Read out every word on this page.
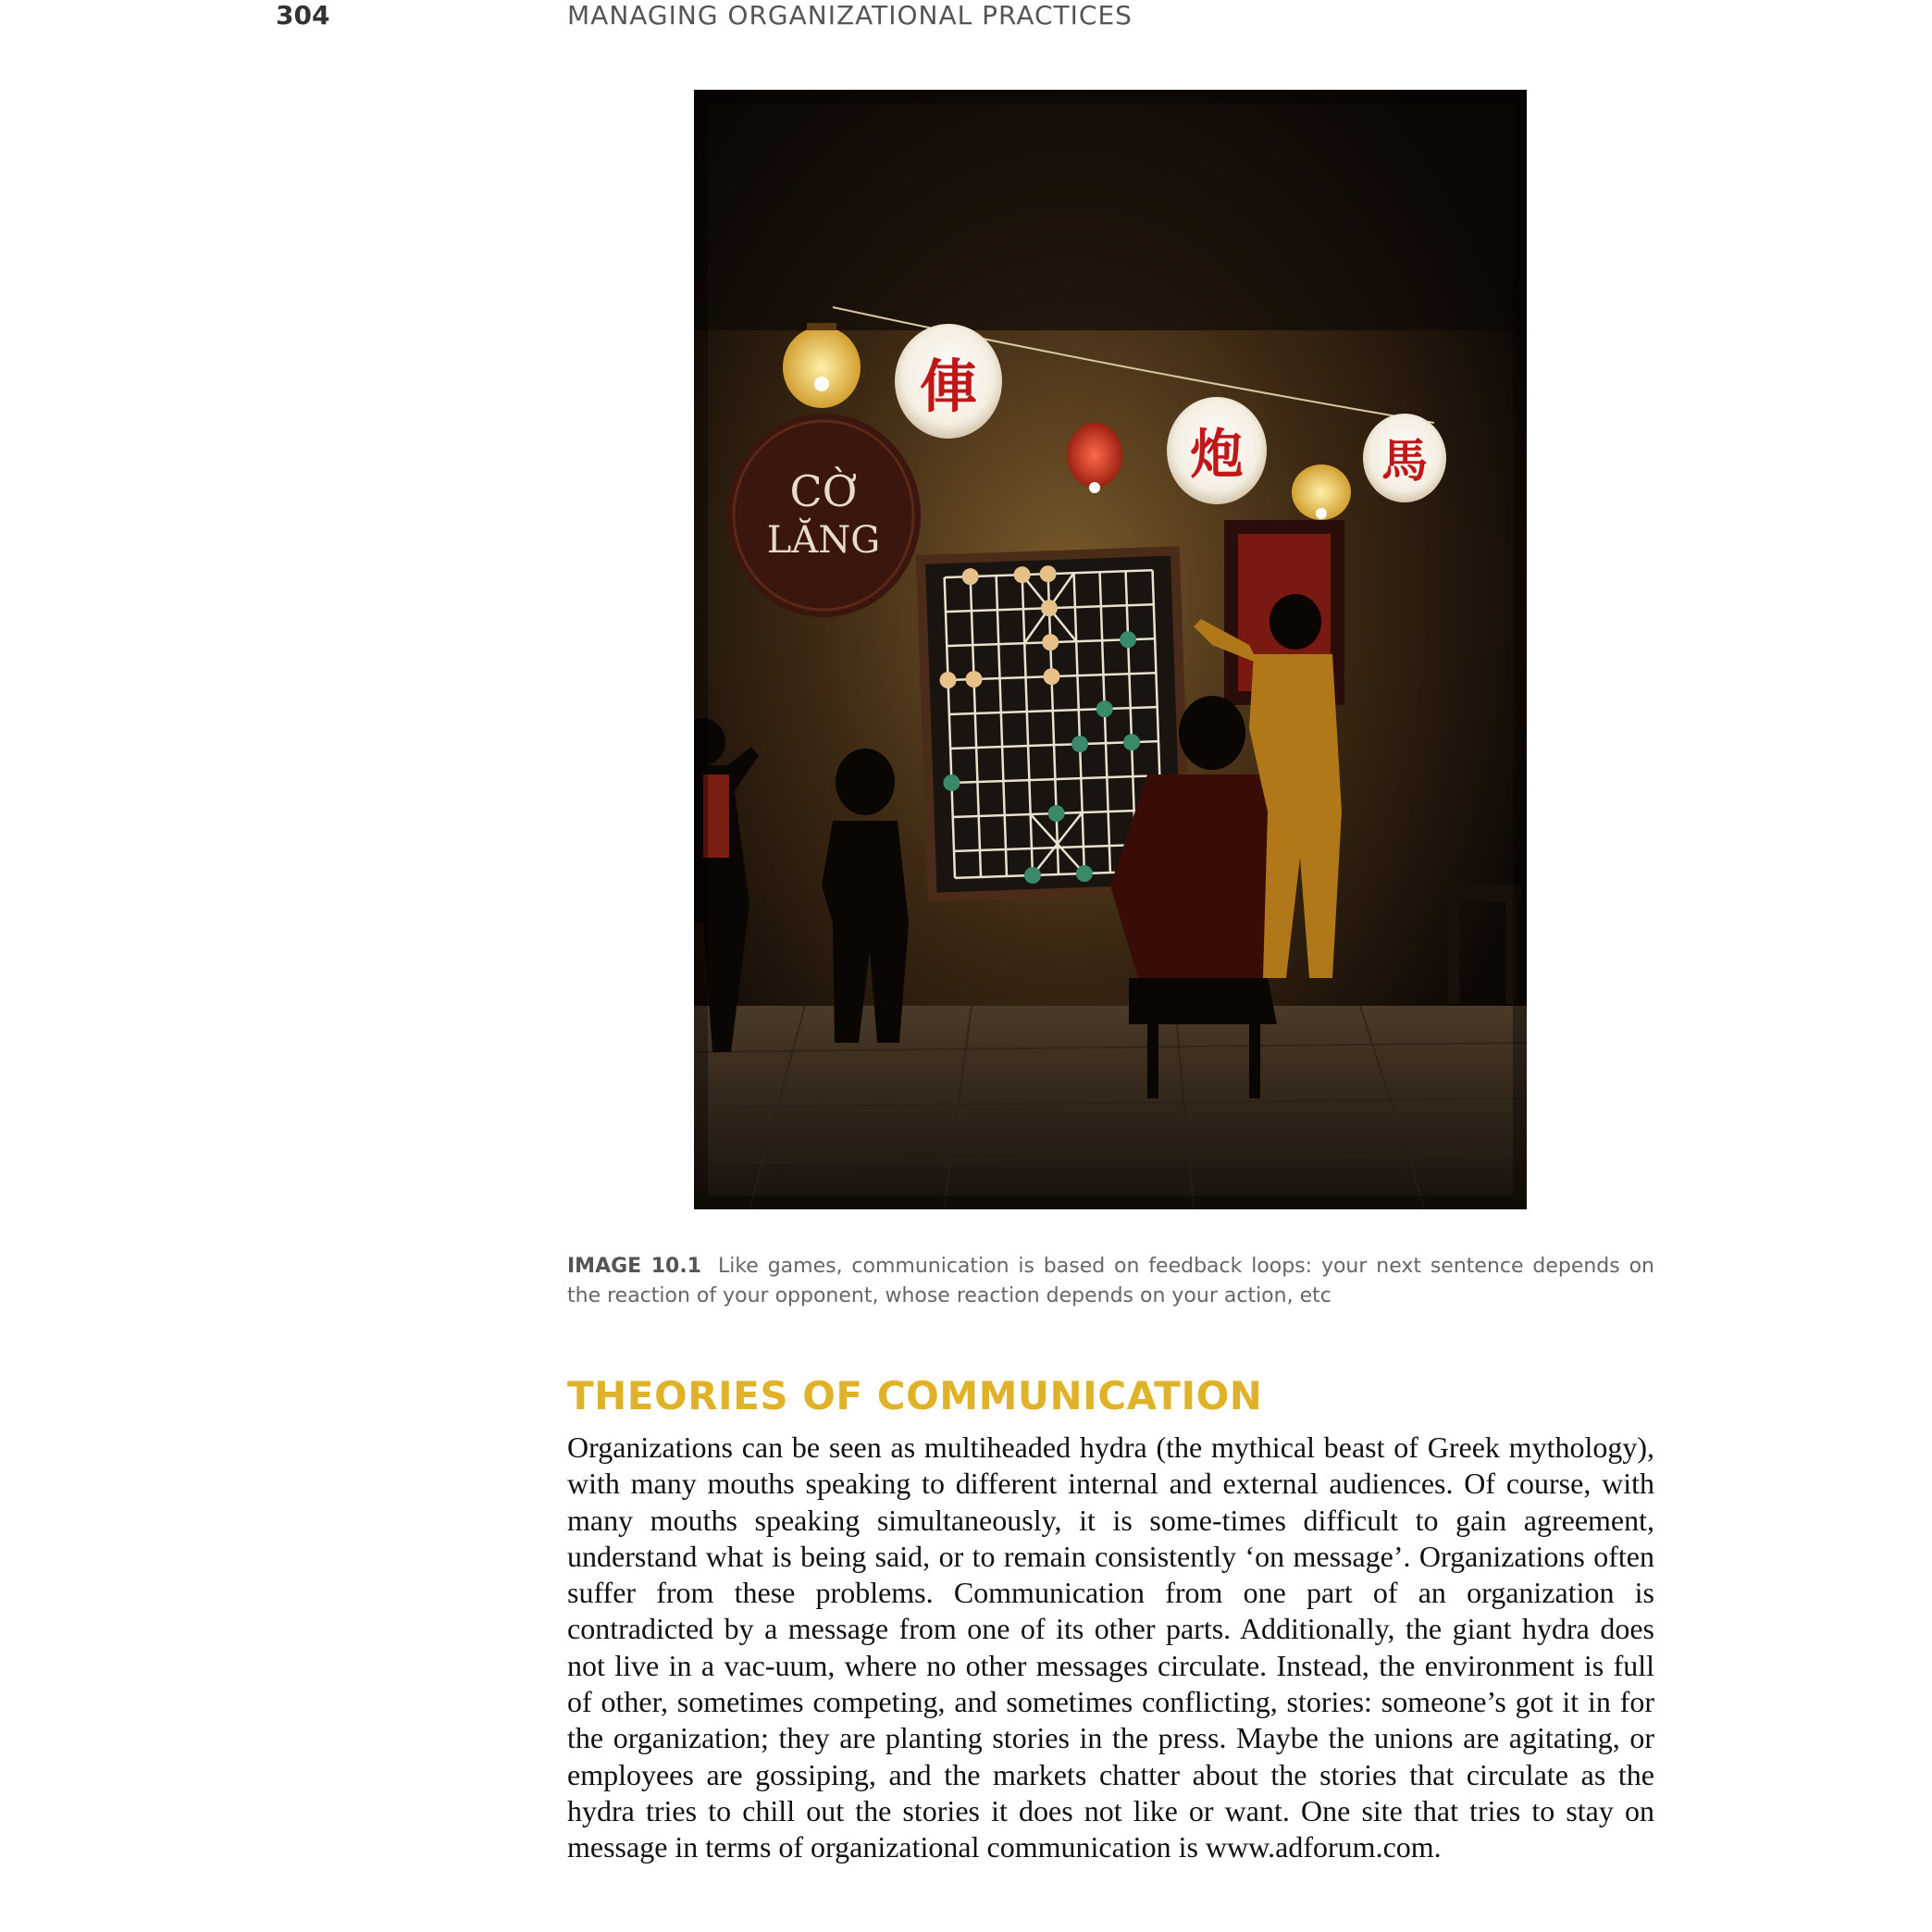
304	MANAGING ORGANIZATIONAL PRACTICES
CỜ
LĂNG
俥
炮	馬
IMAGE 10.1 Like games, communication is based on feedback loops: your next sentence depends on the reaction of your opponent, whose reaction depends on your action, etc
THEORIES OF COMMUNICATION

Organizations can be seen as multiheaded hydra (the mythical beast of Greek mythology), with many mouths speaking to different internal and external audiences. Of course, with many mouths speaking simultaneously, it is some-times difficult to gain agreement, understand what is being said, or to remain consistently ‘on message’. Organizations often suffer from these problems. Communication from one part of an organization is contradicted by a message from one of its other parts. Additionally, the giant hydra does not live in a vac-uum, where no other messages circulate. Instead, the environment is full of other, sometimes competing, and sometimes conflicting, stories: someone’s got it in for the organization; they are planting stories in the press. Maybe the unions are agitating, or employees are gossiping, and the markets chatter about the stories that circulate as the hydra tries to chill out the stories it does not like or want. One site that tries to stay on message in terms of organizational communication is www.adforum.com.
